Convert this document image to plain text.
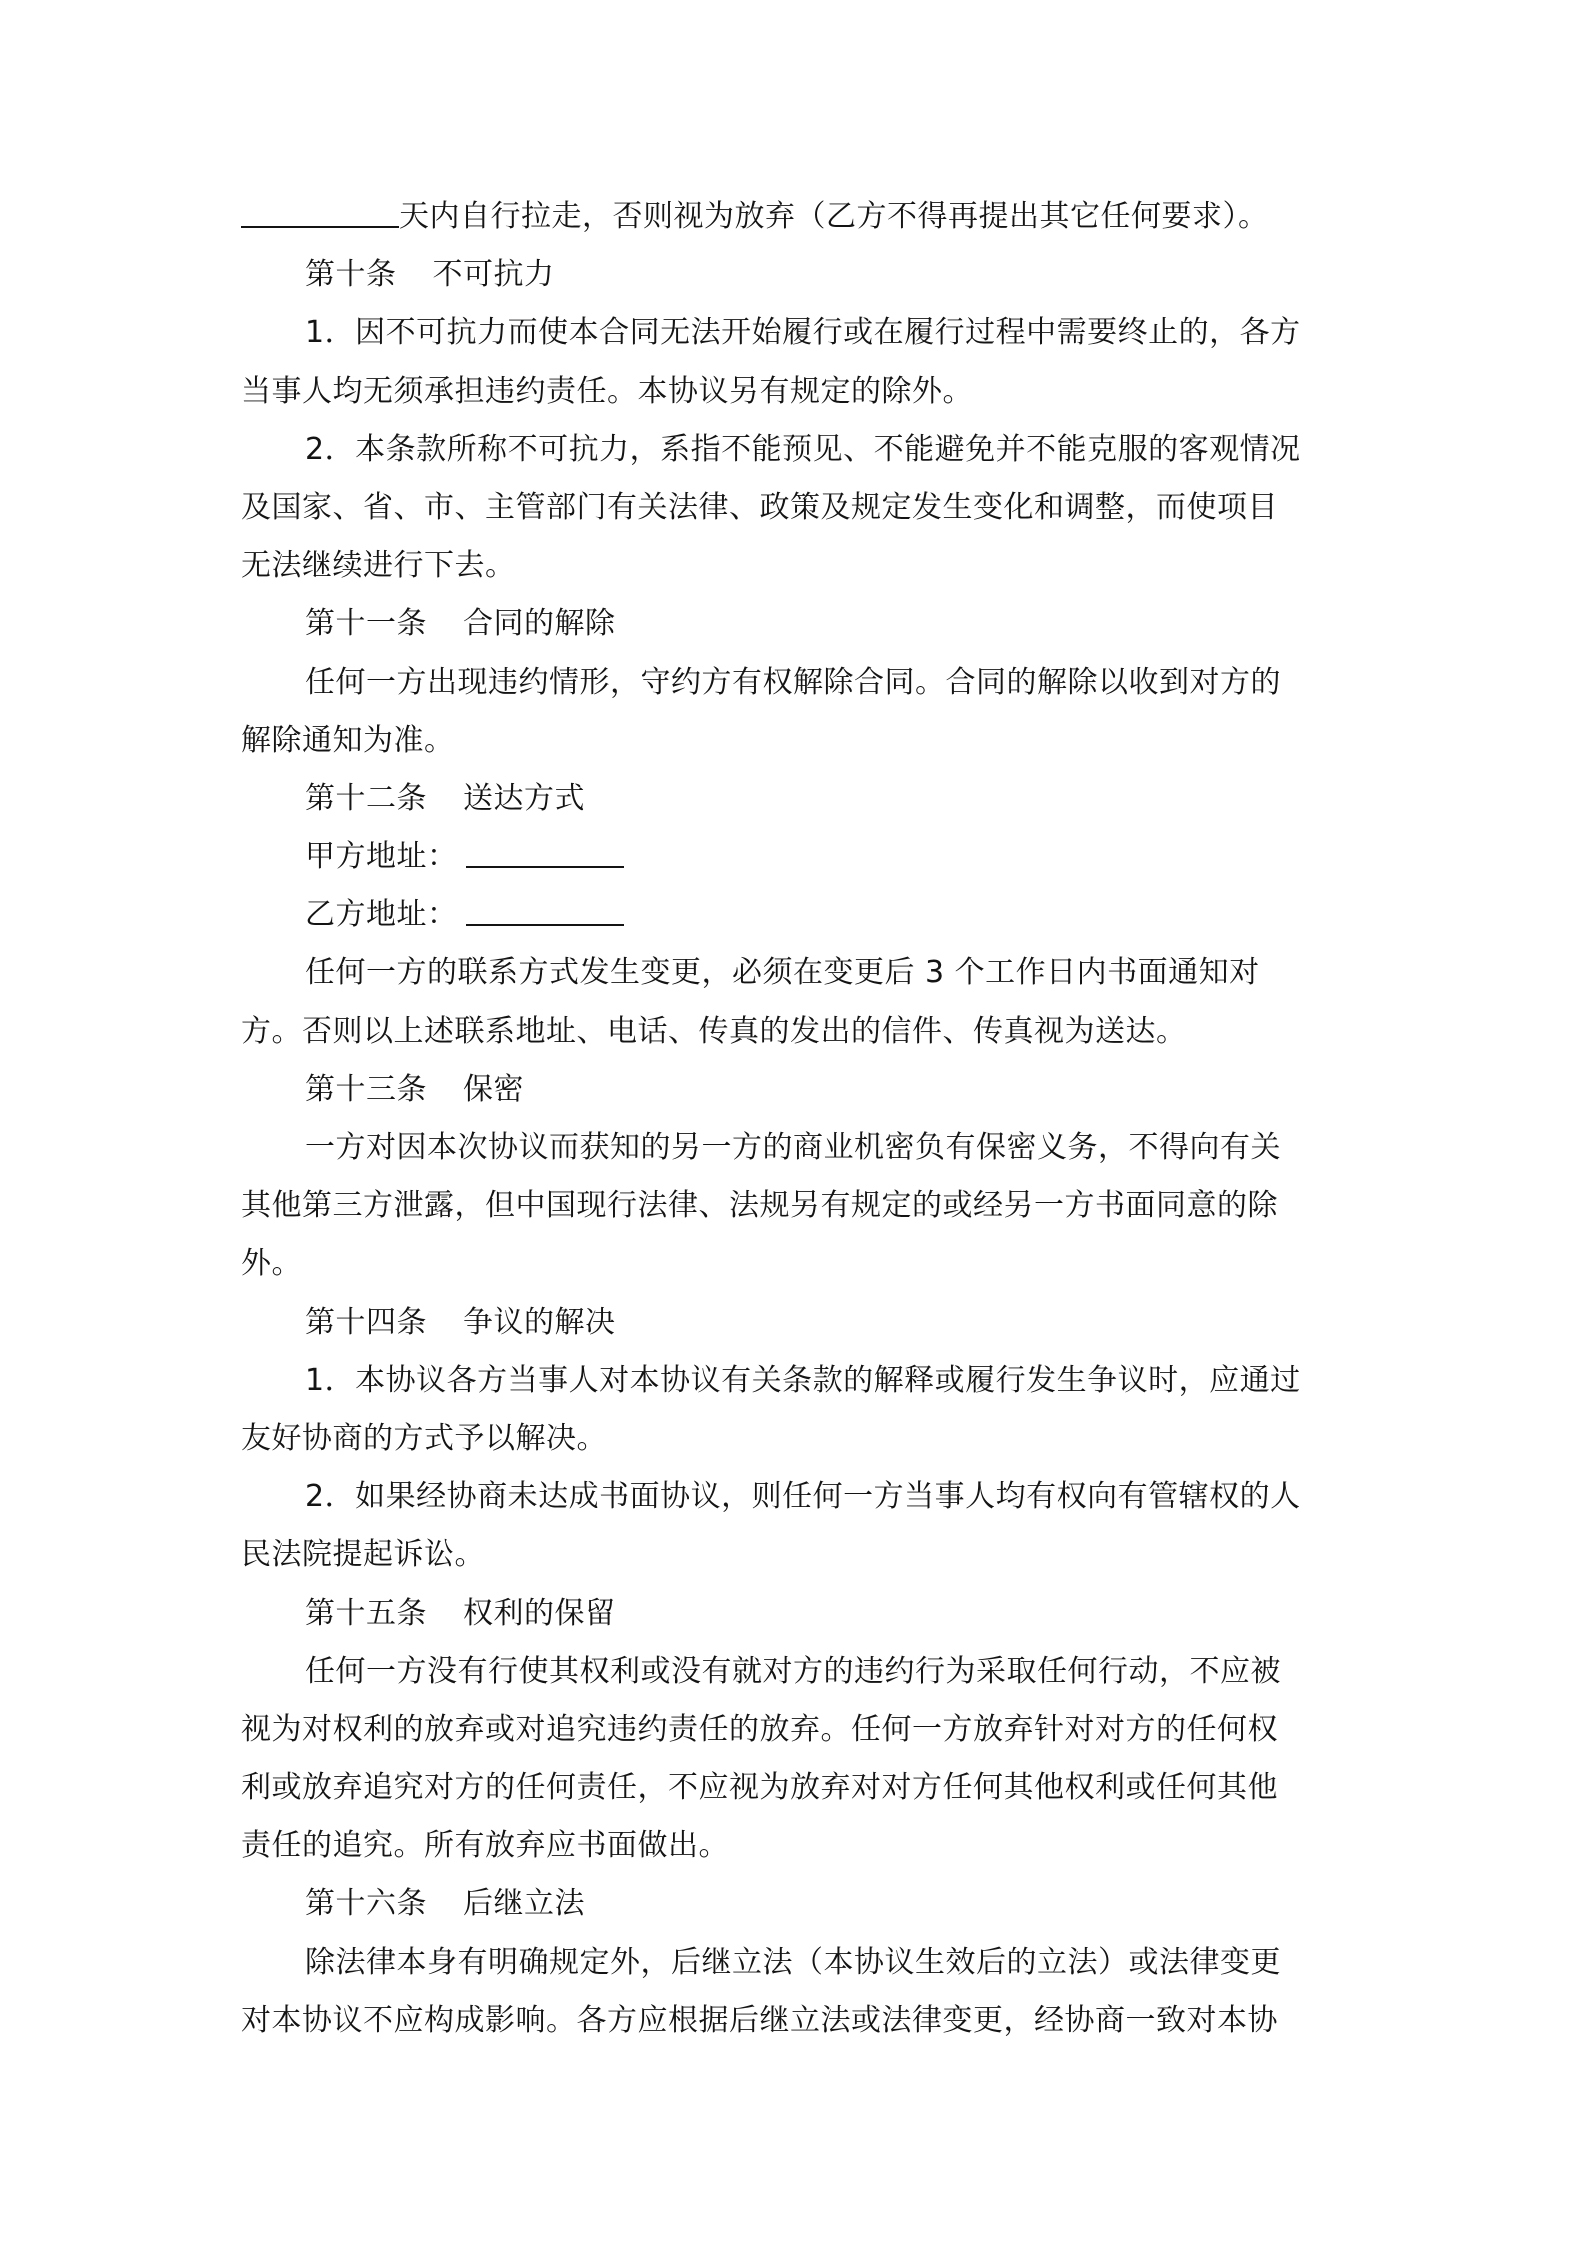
天内自行拉走，否则视为放弃（乙方不得再提出其它任何要求）。
第十条 不可抗力
1．因不可抗力而使本合同无法开始履行或在履行过程中需要终止的，各方
当事人均无须承担违约责任。本协议另有规定的除外。
2．本条款所称不可抗力，系指不能预见、不能避免并不能克服的客观情况
及国家、省、市、主管部门有关法律、政策及规定发生变化和调整，而使项目
无法继续进行下去。
第十一条 合同的解除
任何一方出现违约情形，守约方有权解除合同。合同的解除以收到对方的
解除通知为准。
第十二条 送达方式
甲方地址：
乙方地址：
任何一方的联系方式发生变更，必须在变更后 3 个工作日内书面通知对
方。否则以上述联系地址、电话、传真的发出的信件、传真视为送达。
第十三条 保密
一方对因本次协议而获知的另一方的商业机密负有保密义务，不得向有关
其他第三方泄露，但中国现行法律、法规另有规定的或经另一方书面同意的除
外。
第十四条 争议的解决
1．本协议各方当事人对本协议有关条款的解释或履行发生争议时，应通过
友好协商的方式予以解决。
2．如果经协商未达成书面协议，则任何一方当事人均有权向有管辖权的人
民法院提起诉讼。
第十五条 权利的保留
任何一方没有行使其权利或没有就对方的违约行为采取任何行动，不应被
视为对权利的放弃或对追究违约责任的放弃。任何一方放弃针对对方的任何权
利或放弃追究对方的任何责任，不应视为放弃对对方任何其他权利或任何其他
责任的追究。所有放弃应书面做出。
第十六条 后继立法
除法律本身有明确规定外，后继立法（本协议生效后的立法）或法律变更
对本协议不应构成影响。各方应根据后继立法或法律变更，经协商一致对本协
